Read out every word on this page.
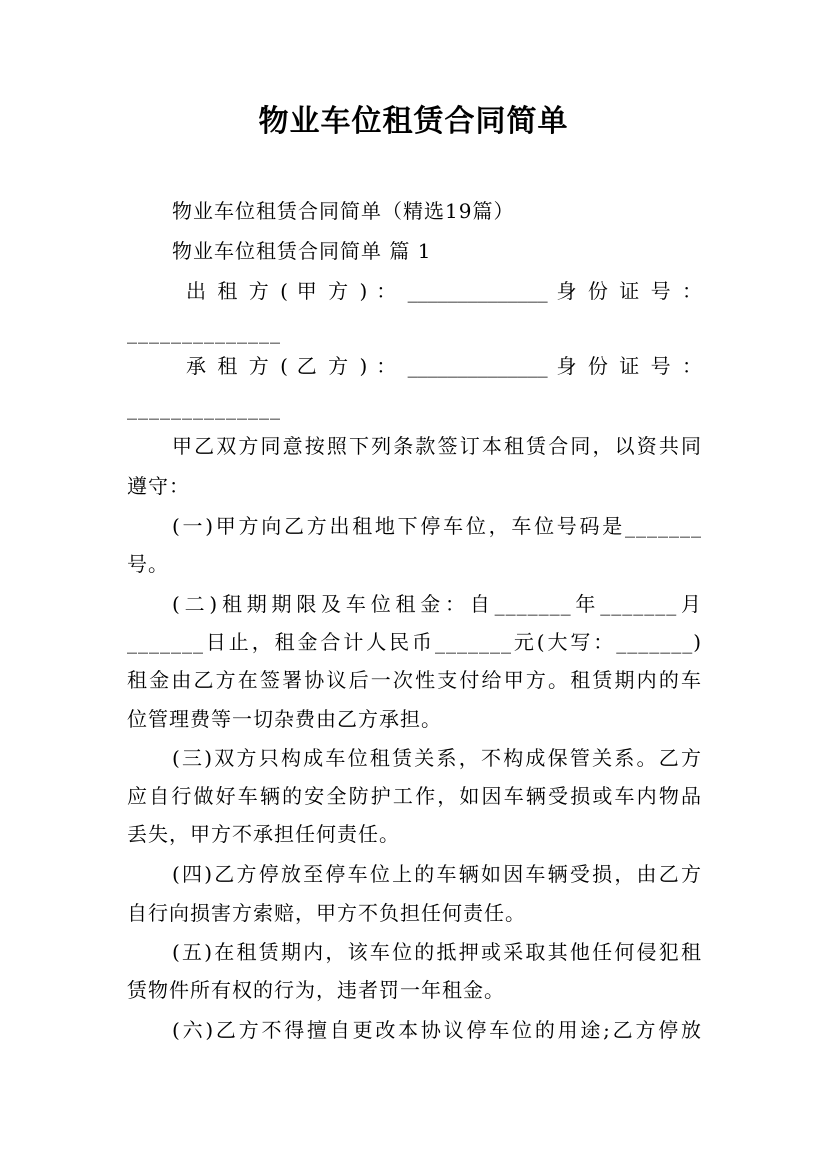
物业车位租赁合同简单
物业车位租赁合同简单（精选19篇）
物业车位租赁合同简单 篇 1
出 租 方 ( 甲 方 ) ： ______________ 身 份 证 号 ：
______________
承 租 方 ( 乙 方 ) ： ______________ 身 份 证 号 ：
______________
甲乙双方同意按照下列条款签订本租赁合同，以资共同
遵守：
(一)甲方向乙方出租地下停车位，车位号码是_______
号。
(二)租期期限及车位租金：自_______年_______月
_______日止，租金合计人民币_______元(大写：_______)
租金由乙方在签署协议后一次性支付给甲方。租赁期内的车
位管理费等一切杂费由乙方承担。
(三)双方只构成车位租赁关系，不构成保管关系。乙方
应自行做好车辆的安全防护工作，如因车辆受损或车内物品
丢失，甲方不承担任何责任。
(四)乙方停放至停车位上的车辆如因车辆受损，由乙方
自行向损害方索赔，甲方不负担任何责任。
(五)在租赁期内，该车位的抵押或采取其他任何侵犯租
赁物件所有权的行为，违者罚一年租金。
(六)乙方不得擅自更改本协议停车位的用途;乙方停放
